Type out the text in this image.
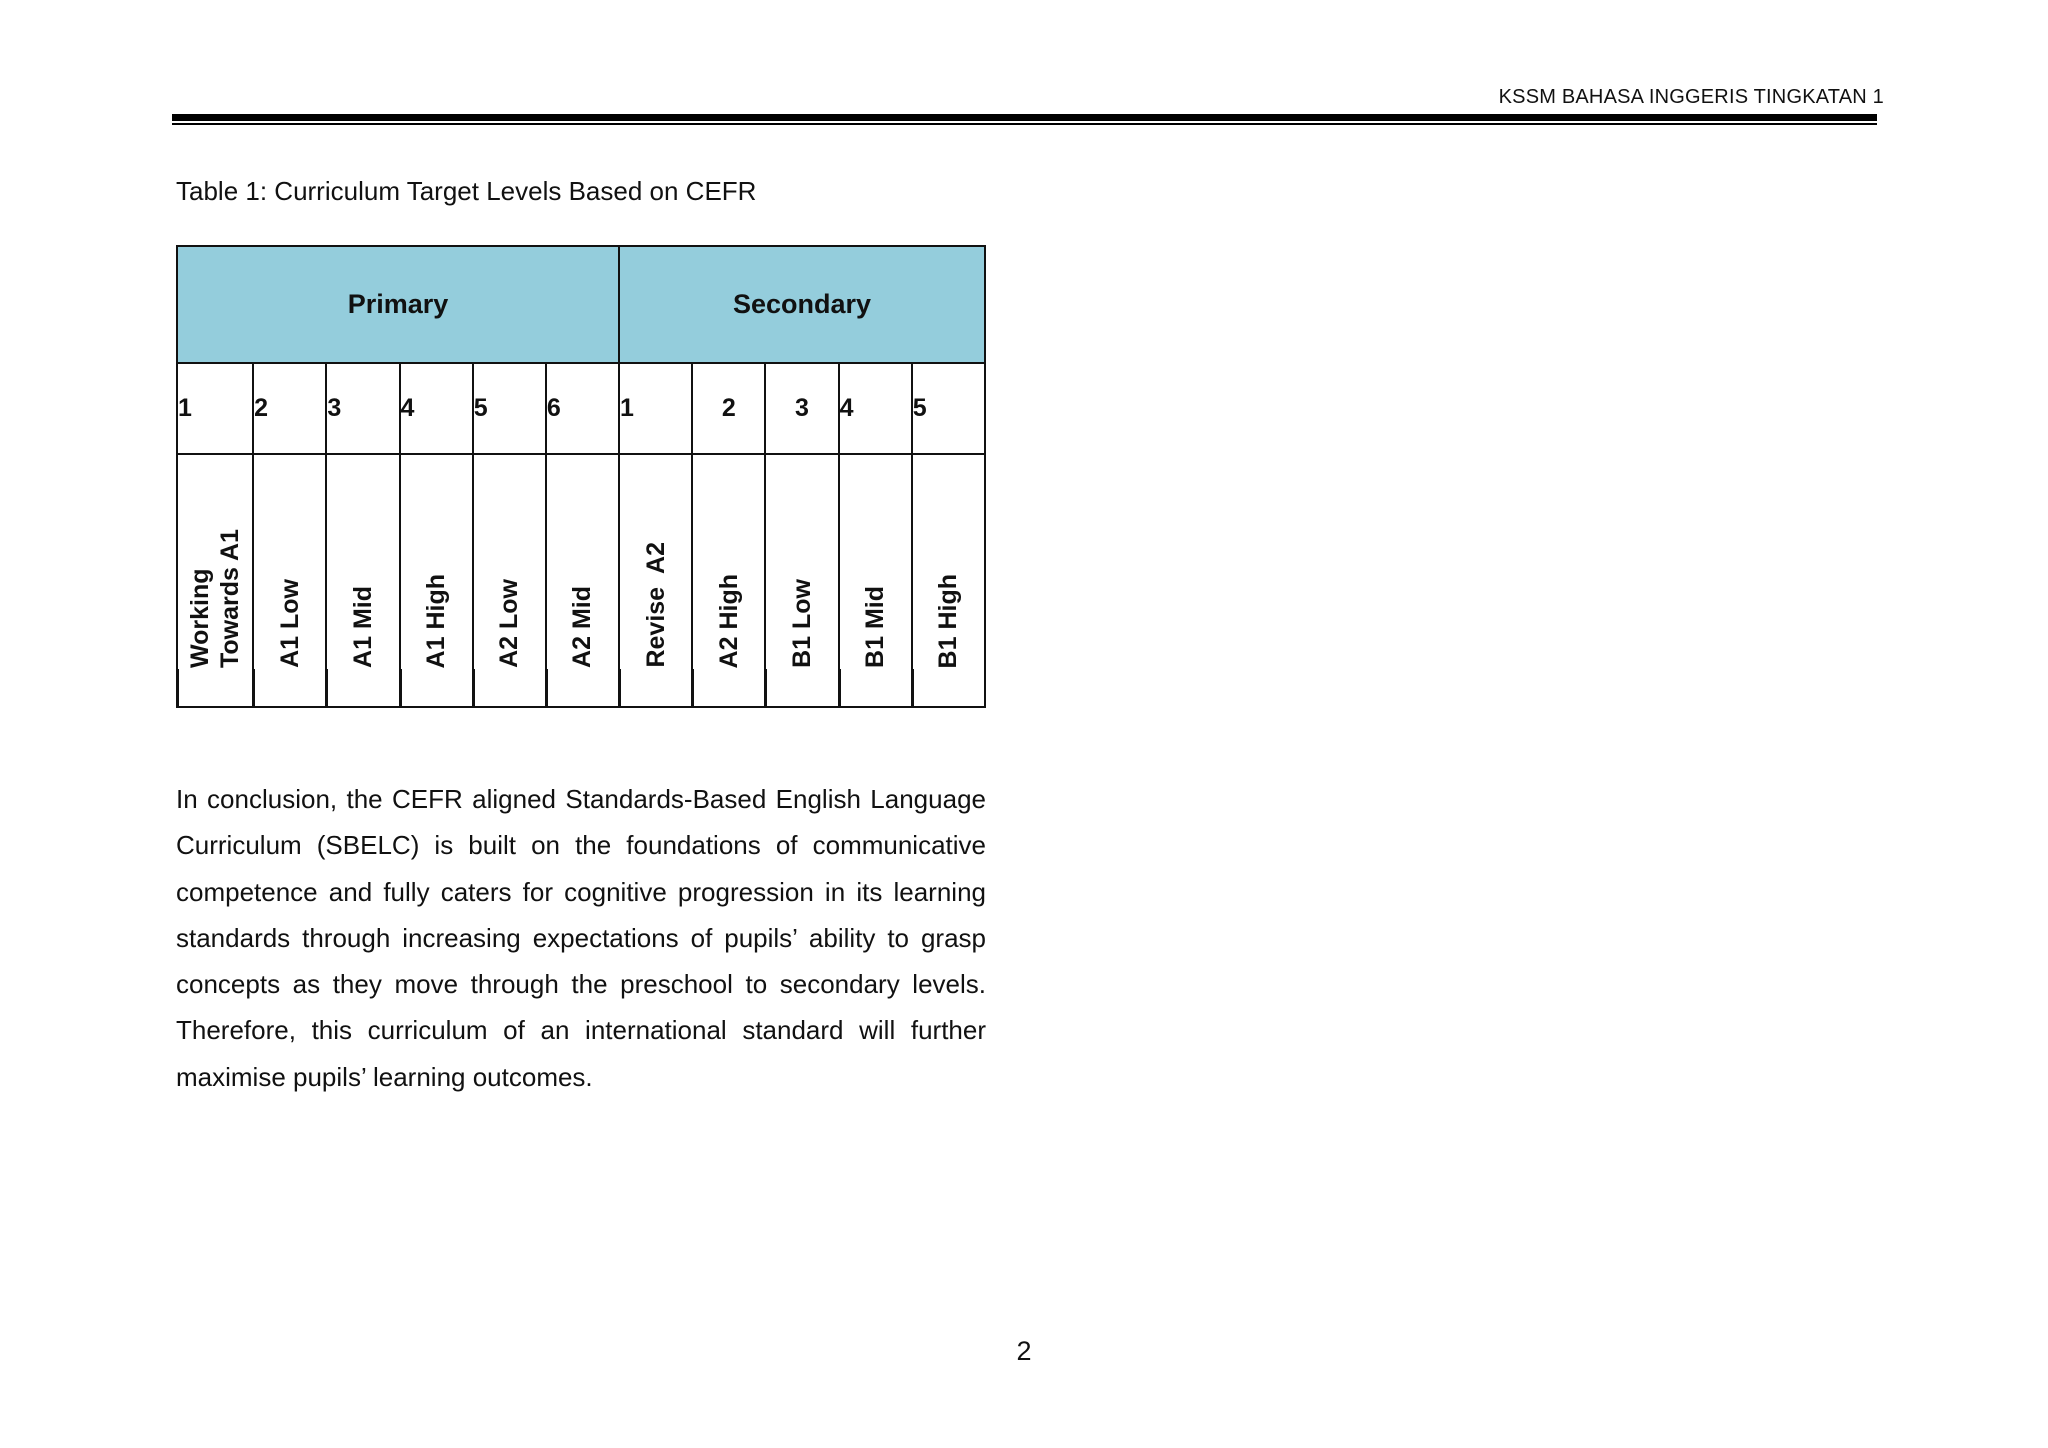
KSSM BAHASA INGGERIS TINGKATAN 1
Table 1: Curriculum Target Levels Based on CEFR
Primary						Secondary				
1	2	3	4	5	6	1	2	3	4	5

Working Towards A1	A1 Low	A1 Mid	A1 High	A2 Low	A2 Mid	Revise  A2	A2 High	B1 Low	B1 Mid	B1 High
In conclusion, the CEFR aligned Standards-Based English Language Curriculum (SBELC) is built on the foundations of communicative competence and fully caters for cognitive progression in its learning standards through increasing expectations of pupils’ ability to grasp concepts as they move through the preschool to secondary levels. Therefore, this curriculum of an international standard will further maximise pupils’ learning outcomes.
2
